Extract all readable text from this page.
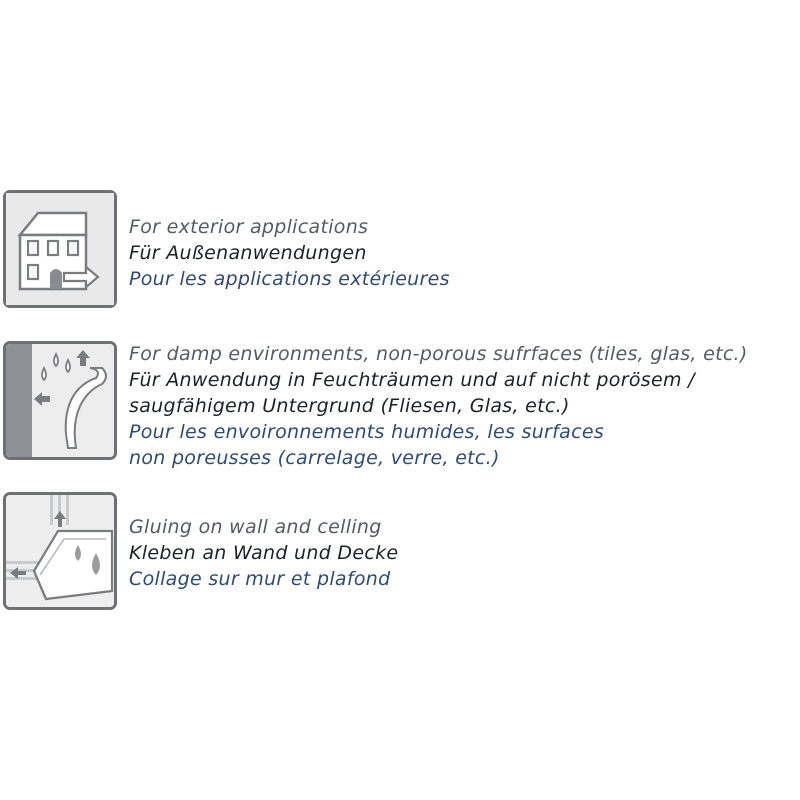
For exterior applications
Für Außenanwendungen
Pour les applications extérieures
For damp environments, non-porous sufrfaces (tiles, glas, etc.)
Für Anwendung in Feuchträumen und auf nicht porösem /
saugfähigem Untergrund (Fliesen, Glas, etc.)
Pour les envoironnements humides, les surfaces
non poreusses (carrelage, verre, etc.)
Gluing on wall and celling
Kleben an Wand und Decke
Collage sur mur et plafond
